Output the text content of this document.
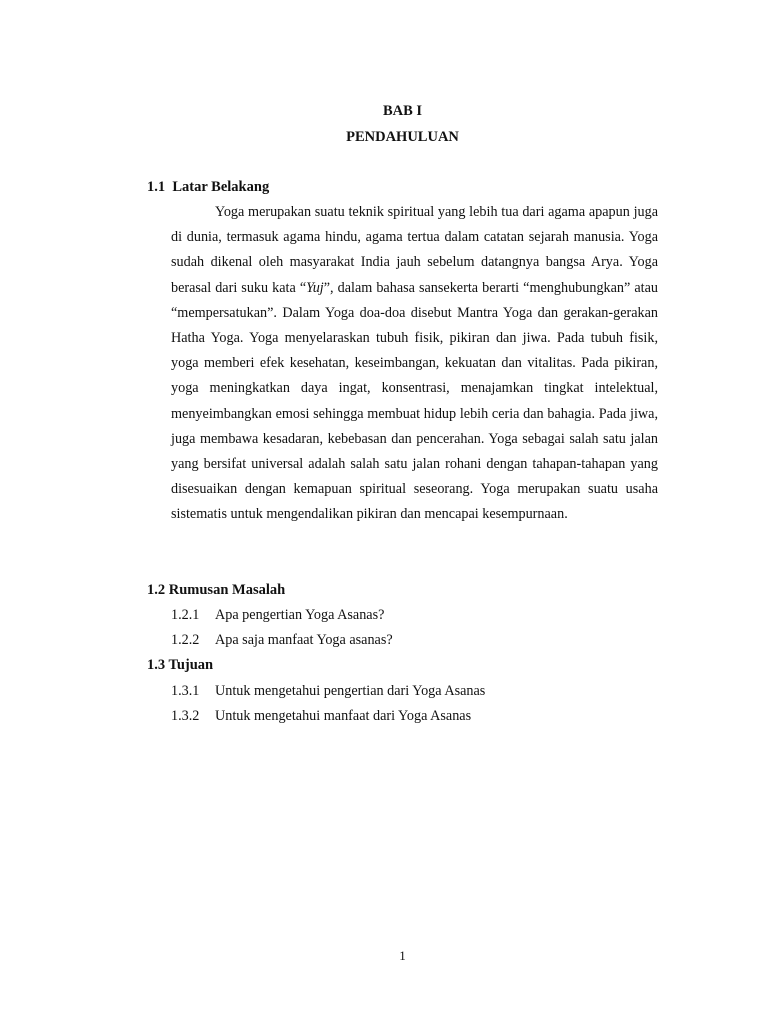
BAB I
PENDAHULUAN
1.1  Latar Belakang

Yoga merupakan suatu teknik spiritual yang lebih tua dari agama apapun juga di dunia, termasuk agama hindu, agama tertua dalam catatan sejarah manusia. Yoga sudah dikenal oleh masyarakat India jauh sebelum datangnya bangsa Arya. Yoga berasal dari suku kata “Yuj”, dalam bahasa sansekerta berarti “menghubungkan” atau “mempersatukan”. Dalam Yoga doa-doa disebut Mantra Yoga dan gerakan-gerakan Hatha Yoga. Yoga menyelaraskan tubuh fisik, pikiran dan jiwa. Pada tubuh fisik, yoga memberi efek kesehatan, keseimbangan, kekuatan dan vitalitas. Pada pikiran, yoga meningkatkan daya ingat, konsentrasi, menajamkan tingkat intelektual, menyeimbangkan emosi sehingga membuat hidup lebih ceria dan bahagia. Pada jiwa, juga membawa kesadaran, kebebasan dan pencerahan. Yoga sebagai salah satu jalan yang bersifat universal adalah salah satu jalan rohani dengan tahapan-tahapan yang disesuaikan dengan kemapuan spiritual seseorang. Yoga merupakan suatu usaha sistematis untuk mengendalikan pikiran dan mencapai kesempurnaan.

1.2 Rumusan Masalah
1.2.1 Apa pengertian Yoga Asanas?
1.2.2 Apa saja manfaat Yoga asanas?
1.3 Tujuan
1.3.1 Untuk mengetahui pengertian dari Yoga Asanas
1.3.2 Untuk mengetahui manfaat dari Yoga Asanas
1
